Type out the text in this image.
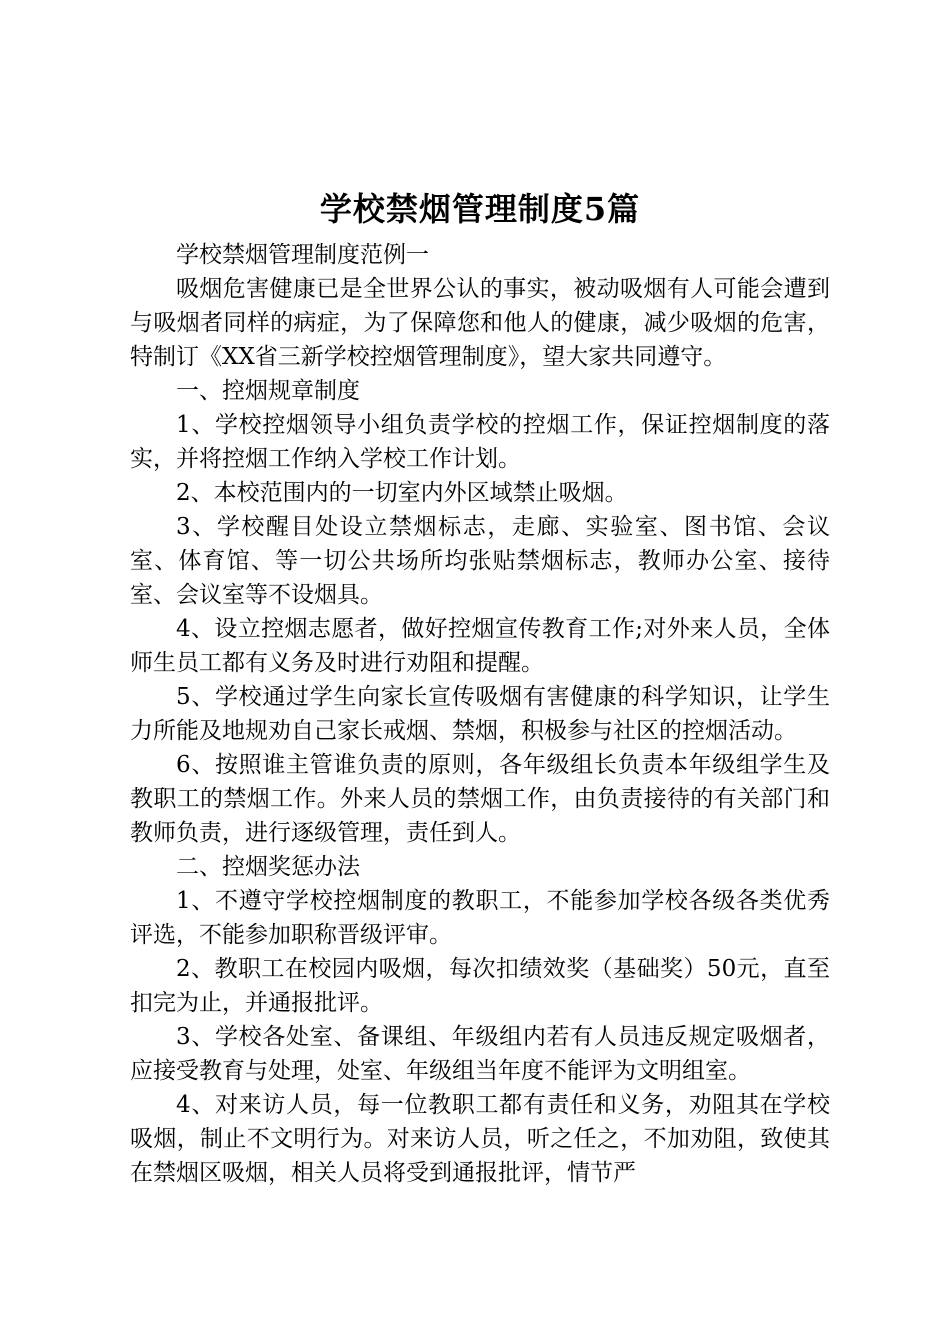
学校禁烟管理制度5篇

学校禁烟管理制度范例一

吸烟危害健康已是全世界公认的事实，被动吸烟有人可能会遭到与吸烟者同样的病症，为了保障您和他人的健康，减少吸烟的危害，特制订《XX省三新学校控烟管理制度》，望大家共同遵守。

一、控烟规章制度

1、学校控烟领导小组负责学校的控烟工作，保证控烟制度的落实，并将控烟工作纳入学校工作计划。

2、本校范围内的一切室内外区域禁止吸烟。

3、学校醒目处设立禁烟标志，走廊、实验室、图书馆、会议室、体育馆、等一切公共场所均张贴禁烟标志，教师办公室、接待室、会议室等不设烟具。

4、设立控烟志愿者，做好控烟宣传教育工作;对外来人员，全体师生员工都有义务及时进行劝阻和提醒。

5、学校通过学生向家长宣传吸烟有害健康的科学知识，让学生力所能及地规劝自己家长戒烟、禁烟，积极参与社区的控烟活动。

6、按照谁主管谁负责的原则，各年级组长负责本年级组学生及教职工的禁烟工作。外来人员的禁烟工作，由负责接待的有关部门和教师负责，进行逐级管理，责任到人。

二、控烟奖惩办法

1、不遵守学校控烟制度的教职工，不能参加学校各级各类优秀评选，不能参加职称晋级评审。

2、教职工在校园内吸烟，每次扣绩效奖（基础奖）50元，直至扣完为止，并通报批评。

3、学校各处室、备课组、年级组内若有人员违反规定吸烟者，应接受教育与处理，处室、年级组当年度不能评为文明组室。

4、对来访人员，每一位教职工都有责任和义务，劝阻其在学校吸烟，制止不文明行为。对来访人员，听之任之，不加劝阻，致使其在禁烟区吸烟，相关人员将受到通报批评，情节严
